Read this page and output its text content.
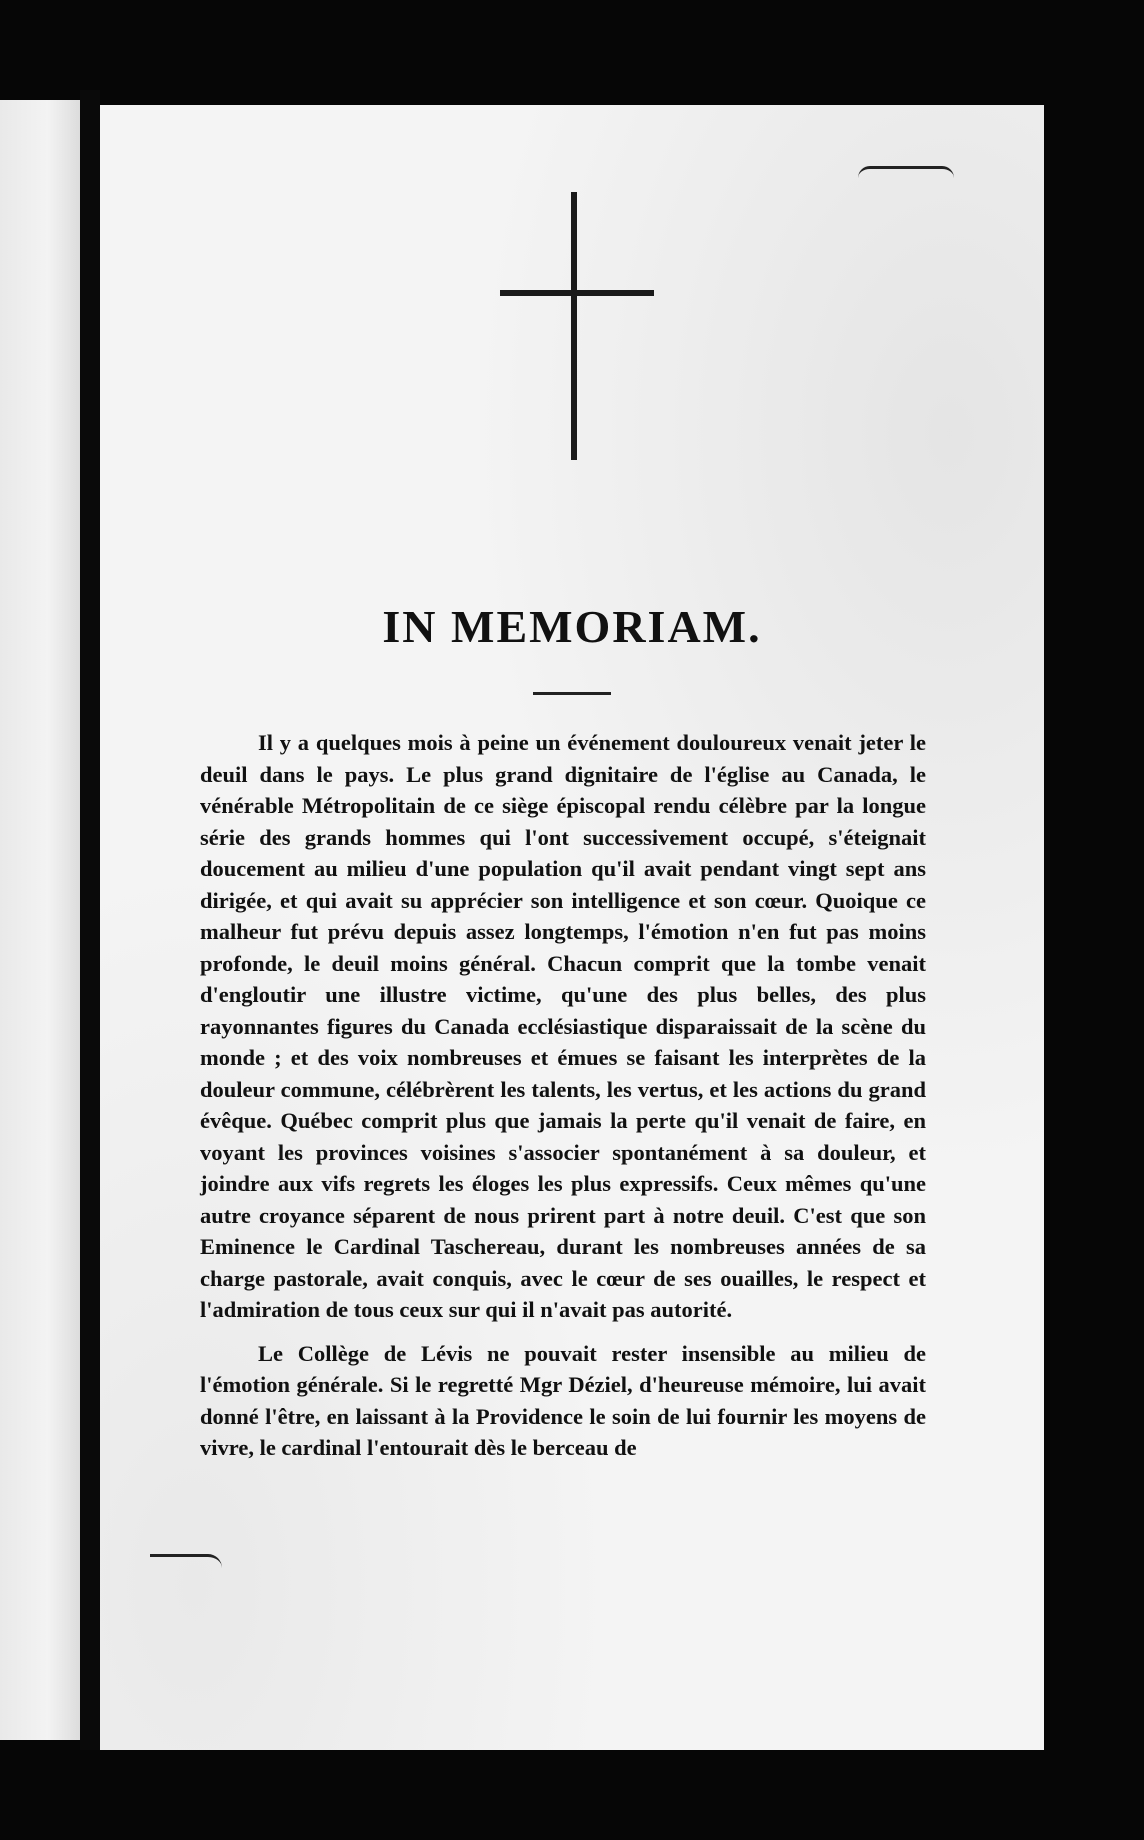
IN MEMORIAM.

Il y a quelques mois à peine un événement douloureux venait jeter le deuil dans le pays. Le plus grand dignitaire de l'église au Canada, le vénérable Métropolitain de ce siège épiscopal rendu célèbre par la longue série des grands hommes qui l'ont successivement occupé, s'éteignait doucement au milieu d'une population qu'il avait pendant vingt sept ans dirigée, et qui avait su apprécier son intelligence et son cœur. Quoique ce malheur fut prévu depuis assez longtemps, l'émotion n'en fut pas moins profonde, le deuil moins général. Chacun comprit que la tombe venait d'engloutir une illustre victime, qu'une des plus belles, des plus rayonnantes figures du Canada ecclésiastique disparaissait de la scène du monde ; et des voix nombreuses et émues se faisant les interprètes de la douleur commune, célébrèrent les talents, les vertus, et les actions du grand évêque. Québec comprit plus que jamais la perte qu'il venait de faire, en voyant les provinces voisines s'associer spontanément à sa douleur, et joindre aux vifs regrets les éloges les plus expressifs. Ceux mêmes qu'une autre croyance séparent de nous prirent part à notre deuil. C'est que son Eminence le Cardinal Taschereau, durant les nombreuses années de sa charge pastorale, avait conquis, avec le cœur de ses ouailles, le respect et l'admiration de tous ceux sur qui il n'avait pas autorité.

Le Collège de Lévis ne pouvait rester insensible au milieu de l'émotion générale. Si le regretté Mgr Déziel, d'heureuse mémoire, lui avait donné l'être, en laissant à la Providence le soin de lui fournir les moyens de vivre, le cardinal l'entourait dès le berceau de
